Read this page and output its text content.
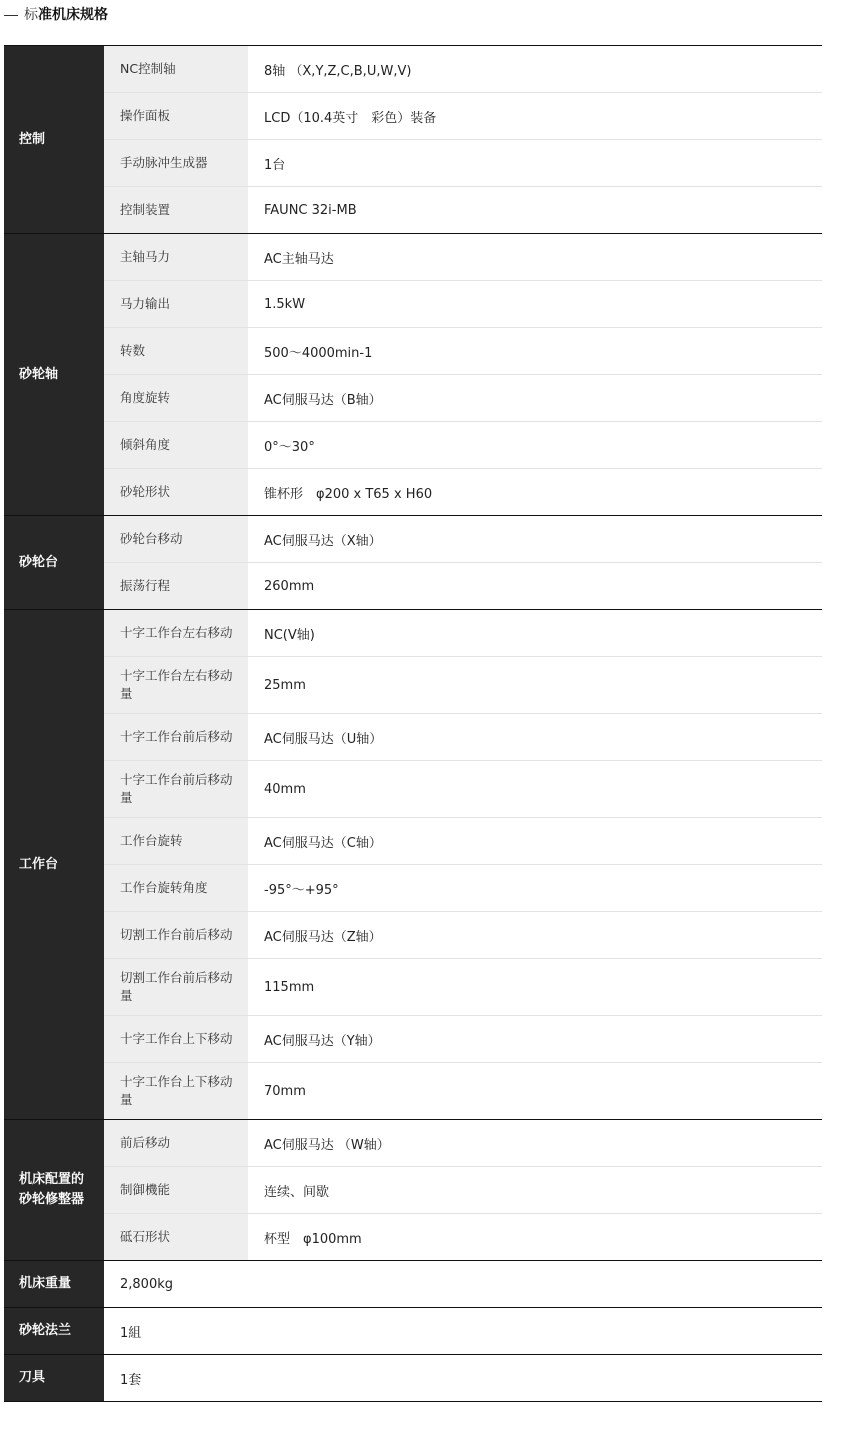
标准机床规格
控制	NC控制轴	8轴 （X,Y,Z,C,B,U,W,V)
	操作面板	LCD（10.4英寸　彩色）装备
	手动脉冲生成器	1台
	控制装置	FAUNC 32i-MB

砂轮轴	主轴马力	AC主轴马达
	马力输出	1.5kW
	转数	500～4000min-1
	角度旋转	AC伺服马达（B轴）
	倾斜角度	0°～30°
	砂轮形状	锥杯形　φ200 x T65 x H60

砂轮台	砂轮台移动	AC伺服马达（X轴）
	振荡行程	260mm

工作台	十字工作台左右移动	NC(V轴)
	十字工作台左右移动量	25mm
	十字工作台前后移动	AC伺服马达（U轴）
	十字工作台前后移动量	40mm
	工作台旋转	AC伺服马达（C轴）
	工作台旋转角度	-95°～+95°
	切割工作台前后移动	AC伺服马达（Z轴）
	切割工作台前后移动量	115mm
	十字工作台上下移动	AC伺服马达（Y轴）
	十字工作台上下移动量	70mm

机床配置的
砂轮修整器	前后移动	AC伺服马达 （W轴）
	制御機能	连续、间歇
	砥石形状	杯型　φ100mm
机床重量	2,800kg	
砂轮法兰	1組	
刀具	1套	
